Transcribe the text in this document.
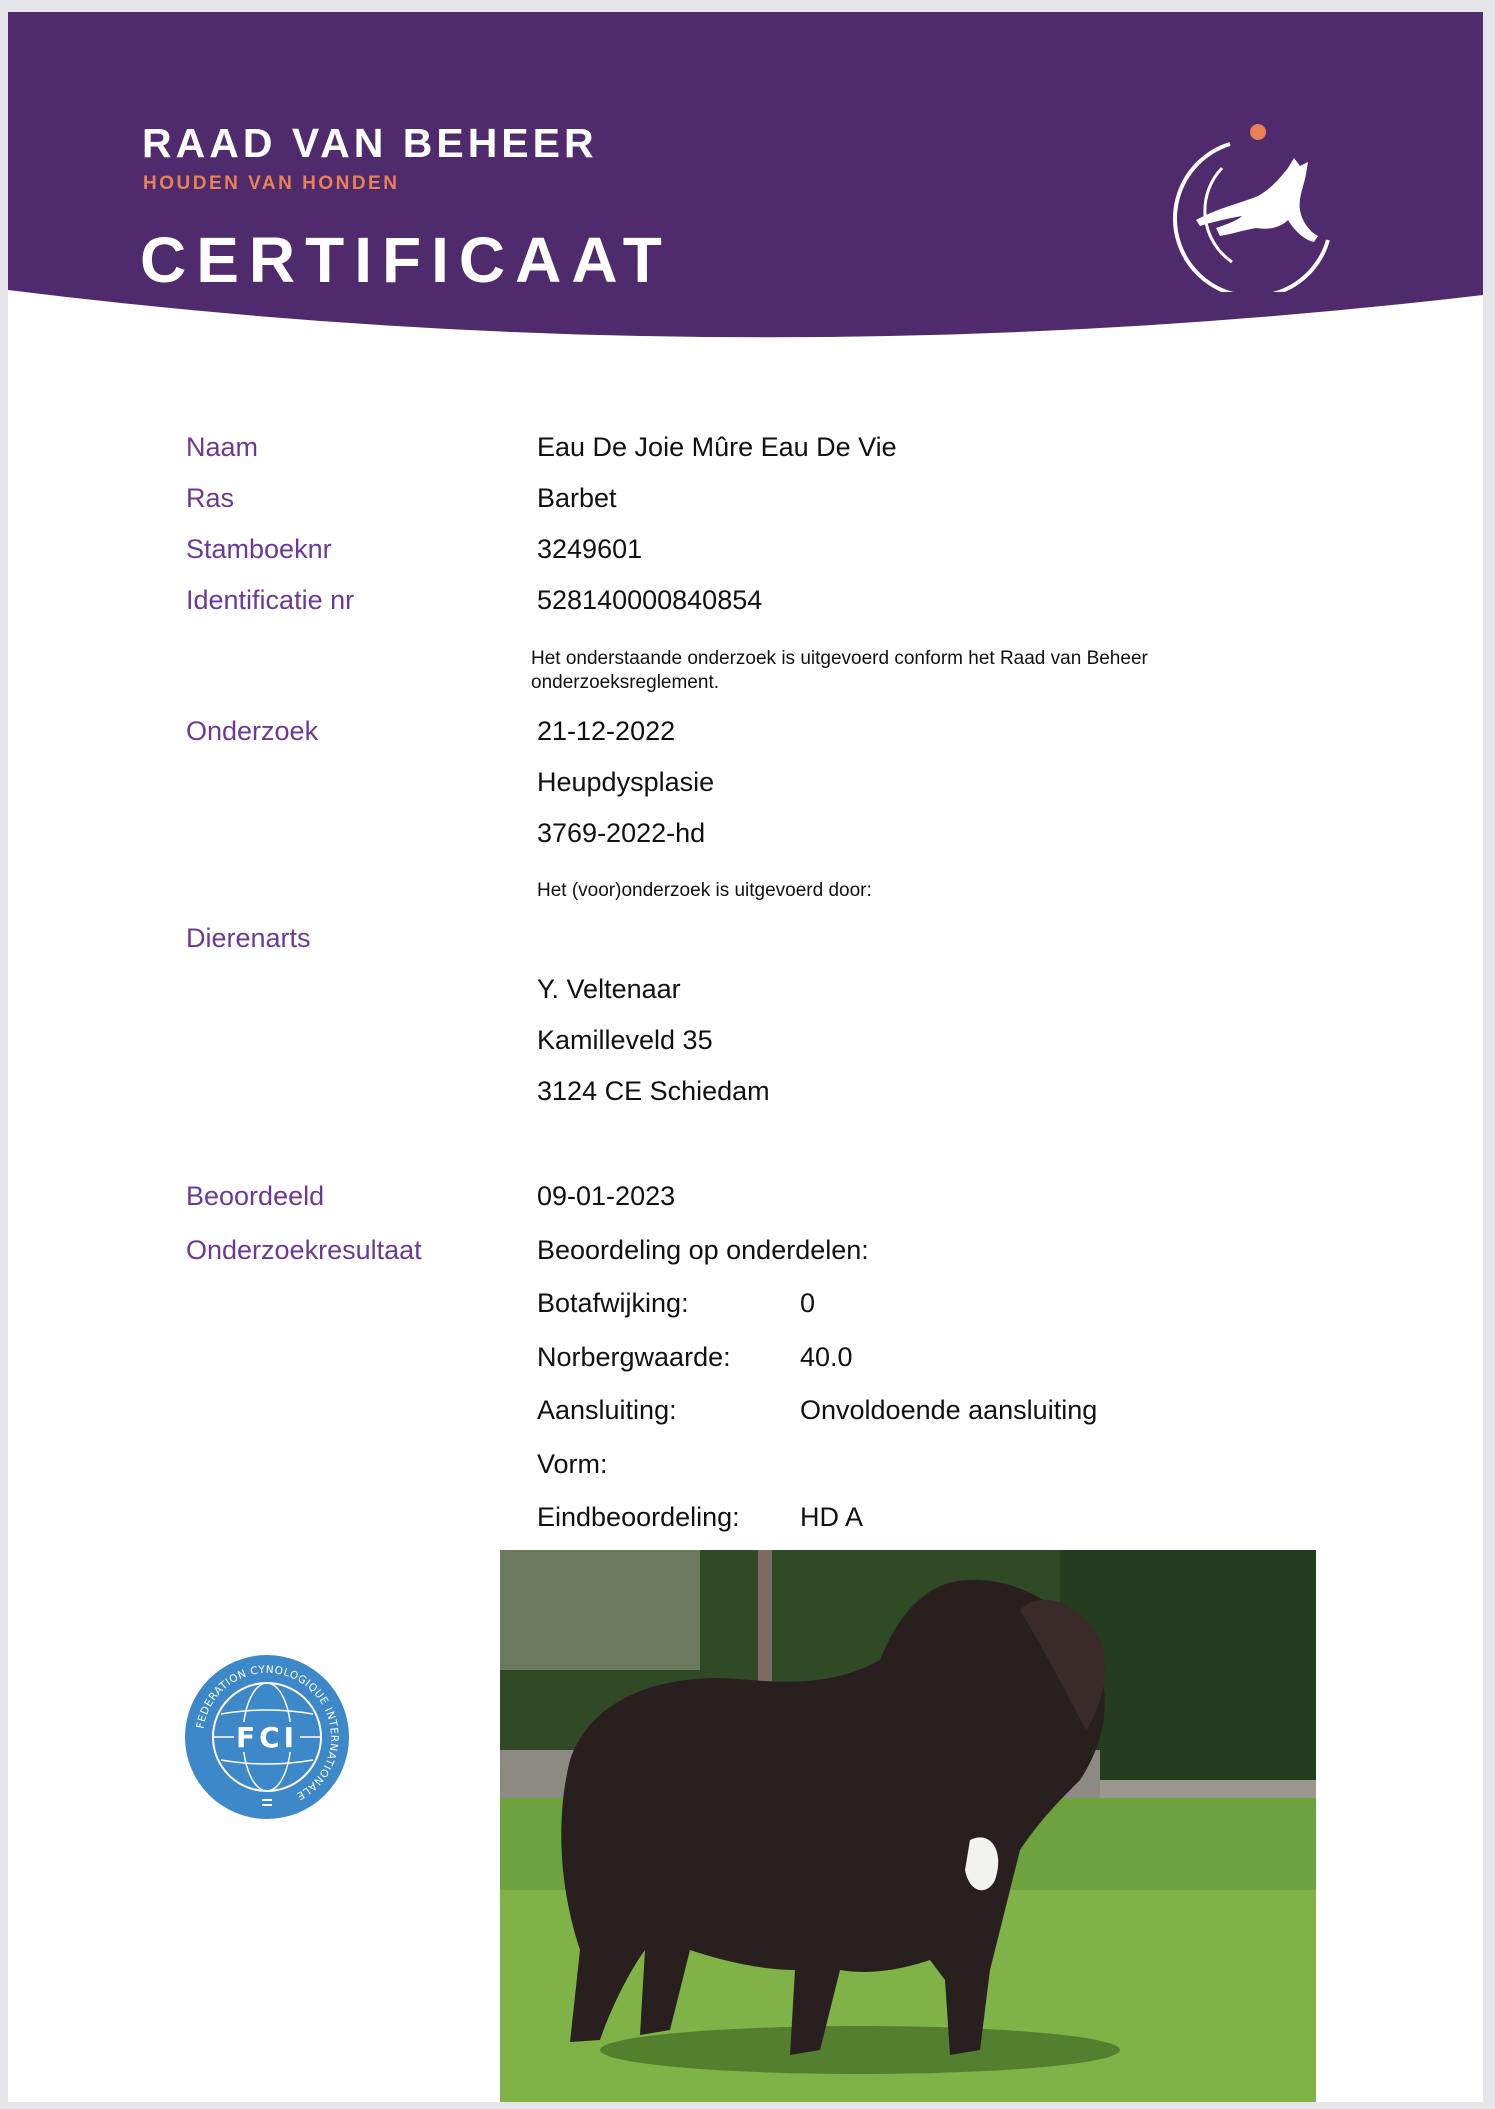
RAAD VAN BEHEER
HOUDEN VAN HONDEN
CERTIFICAAT
Naam	Eau De Joie Mûre Eau De Vie
Ras	Barbet
Stamboeknr	3249601
Identificatie nr	528140000840854
Het onderstaande onderzoek is uitgevoerd conform het Raad van Beheer onderzoeksreglement.
Onderzoek	21-12-2022
Heupdysplasie
3769-2022-hd
Het (voor)onderzoek is uitgevoerd door:
Dierenarts
Y. Veltenaar
Kamilleveld 35
3124 CE Schiedam
Beoordeeld	09-01-2023
Onderzoekresultaat	Beoordeling op onderdelen:
Botafwijking:	0
Norbergwaarde:	40.0
Aansluiting:	Onvoldoende aansluiting
Vorm:
Eindbeoordeling: HD A
FCI
FEDERATION CYNOLOGIQUE INTERNATIONALE
